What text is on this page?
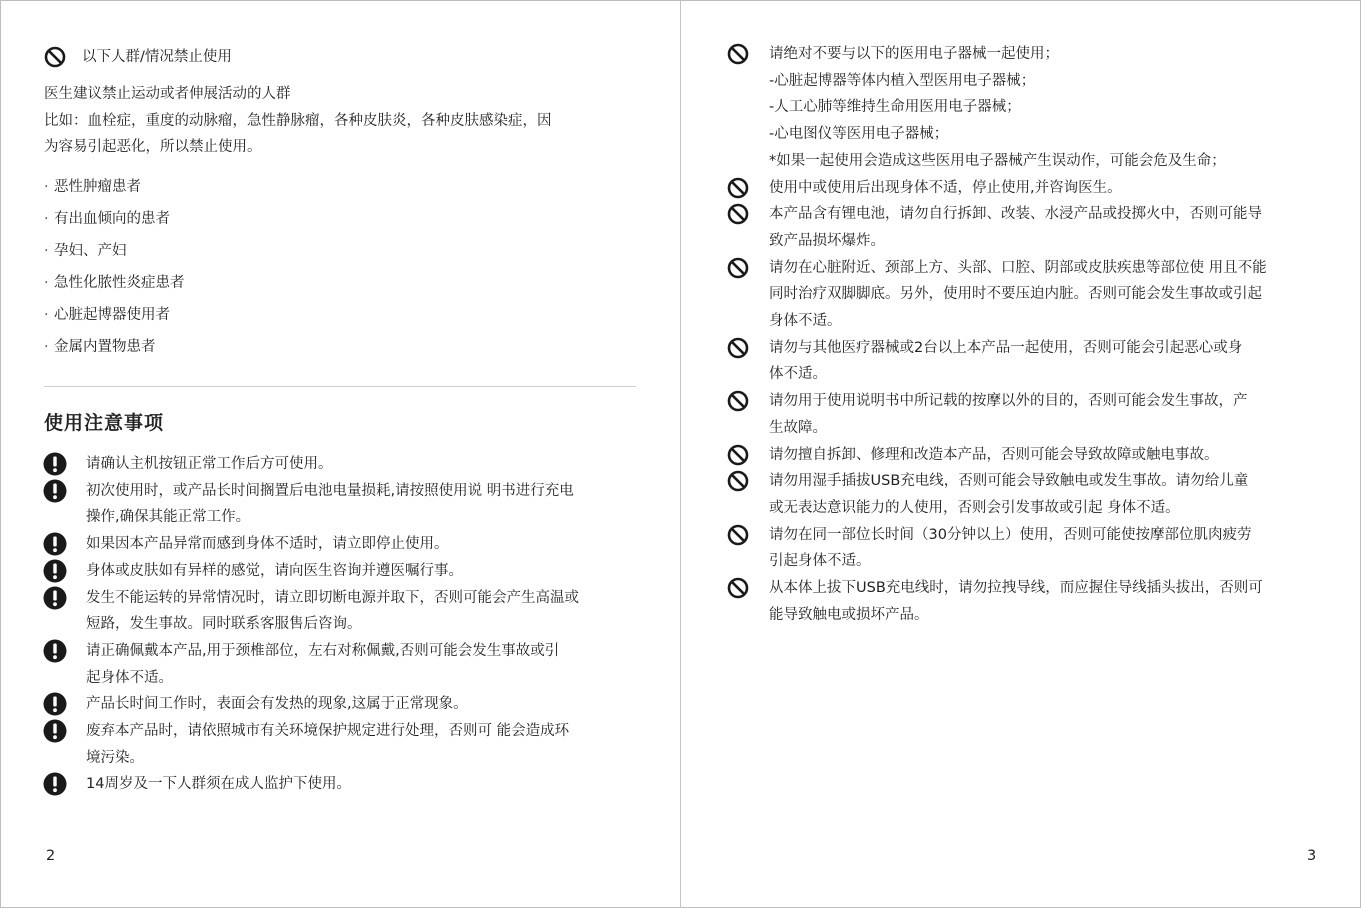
以下人群/情况禁止使用
医生建议禁止运动或者伸展活动的人群
比如：血栓症，重度的动脉瘤，急性静脉瘤，各种皮肤炎，各种皮肤感染症，因
为容易引起恶化，所以禁止使用。
· 恶性肿瘤患者
· 有出血倾向的患者
· 孕妇、产妇
· 急性化脓性炎症患者
· 心脏起博器使用者
· 金属内置物患者
使用注意事项
请确认主机按钮正常工作后方可使用。
初次使用时，或产品长时间搁置后电池电量损耗,请按照使用说 明书进行充电
操作,确保其能正常工作。
如果因本产品异常而感到身体不适时，请立即停止使用。
身体或皮肤如有异样的感觉，请向医生咨询并遵医嘱行事。
发生不能运转的异常情况时，请立即切断电源并取下，否则可能会产生高温或
短路，发生事故。同时联系客服售后咨询。
请正确佩戴本产品,用于颈椎部位，左右对称佩戴,否则可能会发生事故或引
起身体不适。
产品长时间工作时，表面会有发热的现象,这属于正常现象。
废弃本产品时，请依照城市有关环境保护规定进行处理，否则可 能会造成环
境污染。
14周岁及一下人群须在成人监护下使用。
2
请绝对不要与以下的医用电子器械一起使用；
-心脏起博器等体内植入型医用电子器械；
-人工心肺等维持生命用医用电子器械；
-心电图仪等医用电子器械；
*如果一起使用会造成这些医用电子器械产生误动作，可能会危及生命；
使用中或使用后出现身体不适，停止使用,并咨询医生。
本产品含有锂电池，请勿自行拆卸、改装、水浸产品或投掷火中，否则可能导
致产品损坏爆炸。
请勿在心脏附近、颈部上方、头部、口腔、阴部或皮肤疾患等部位使 用且不能
同时治疗双脚脚底。另外，使用时不要压迫内脏。否则可能会发生事故或引起
身体不适。
请勿与其他医疗器械或2台以上本产品一起使用，否则可能会引起恶心或身
体不适。
请勿用于使用说明书中所记载的按摩以外的目的，否则可能会发生事故，产
生故障。
请勿擅自拆卸、修理和改造本产品，否则可能会导致故障或触电事故。
请勿用湿手插拔USB充电线，否则可能会导致触电或发生事故。请勿给儿童
或无表达意识能力的人使用，否则会引发事故或引起 身体不适。
请勿在同一部位长时间（30分钟以上）使用，否则可能使按摩部位肌肉疲劳
引起身体不适。
从本体上拔下USB充电线时，请勿拉拽导线，而应握住导线插头拔出，否则可
能导致触电或损坏产品。
3
